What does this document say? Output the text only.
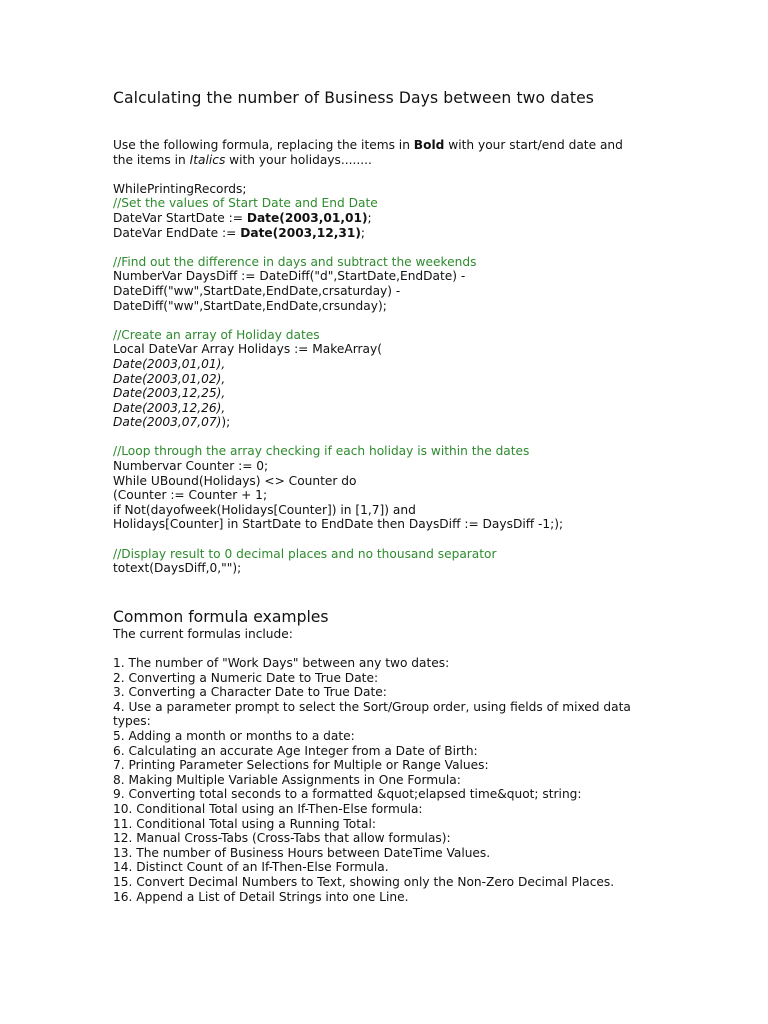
Calculating the number of Business Days between two dates
Use the following formula, replacing the items in Bold with your start/end date and
the items in Italics with your holidays........
WhilePrintingRecords;
//Set the values of Start Date and End Date
DateVar StartDate := Date(2003,01,01);
DateVar EndDate := Date(2003,12,31);
//Find out the difference in days and subtract the weekends
NumberVar DaysDiff := DateDiff("d",StartDate,EndDate) -
DateDiff("ww",StartDate,EndDate,crsaturday) -
DateDiff("ww",StartDate,EndDate,crsunday);
//Create an array of Holiday dates
Local DateVar Array Holidays := MakeArray(
Date(2003,01,01),
Date(2003,01,02),
Date(2003,12,25),
Date(2003,12,26),
Date(2003,07,07));
//Loop through the array checking if each holiday is within the dates
Numbervar Counter := 0;
While UBound(Holidays) <> Counter do
(Counter := Counter + 1;
if Not(dayofweek(Holidays[Counter]) in [1,7]) and
Holidays[Counter] in StartDate to EndDate then DaysDiff := DaysDiff -1;);
//Display result to 0 decimal places and no thousand separator
totext(DaysDiff,0,"");
Common formula examples
The current formulas include:
1. The number of "Work Days" between any two dates:
2. Converting a Numeric Date to True Date:
3. Converting a Character Date to True Date:
4. Use a parameter prompt to select the Sort/Group order, using fields of mixed data types:
5. Adding a month or months to a date:
6. Calculating an accurate Age Integer from a Date of Birth:
7. Printing Parameter Selections for Multiple or Range Values:
8. Making Multiple Variable Assignments in One Formula:
9. Converting total seconds to a formatted &quot;elapsed time&quot; string:
10. Conditional Total using an If-Then-Else formula:
11. Conditional Total using a Running Total:
12. Manual Cross-Tabs (Cross-Tabs that allow formulas):
13. The number of Business Hours between DateTime Values.
14. Distinct Count of an If-Then-Else Formula.
15. Convert Decimal Numbers to Text, showing only the Non-Zero Decimal Places.
16. Append a List of Detail Strings into one Line.
